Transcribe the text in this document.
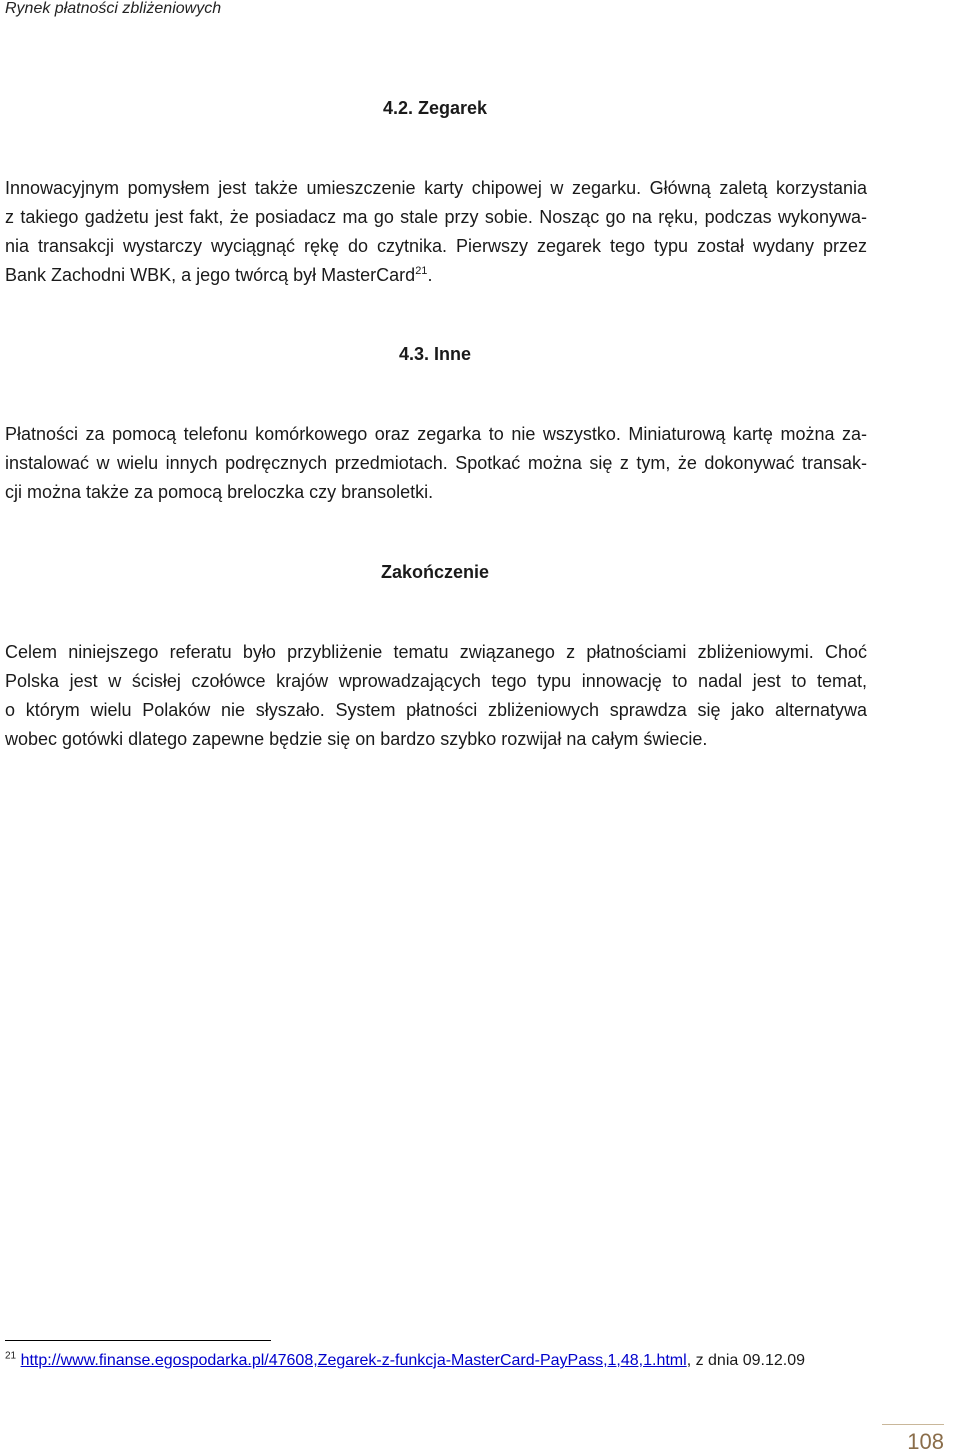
Rynek płatności zbliżeniowych
4.2. Zegarek
Innowacyjnym pomysłem jest także umieszczenie karty chipowej w zegarku. Główną zaletą korzystania
z takiego gadżetu jest fakt, że posiadacz ma go stale przy sobie. Nosząc go na ręku, podczas wykonywa-
nia transakcji wystarczy wyciągnąć rękę do czytnika. Pierwszy zegarek tego typu został wydany przez
Bank Zachodni WBK, a jego twórcą był MasterCard$^{21}$.
4.3. Inne
Płatności za pomocą telefonu komórkowego oraz zegarka to nie wszystko. Miniaturową kartę można za-
instalować w wielu innych podręcznych przedmiotach. Spotkać można się z tym, że dokonywać transak-
cji można także za pomocą breloczka czy bransoletki.
Zakończenie
Celem niniejszego referatu było przybliżenie tematu związanego z płatnościami zbliżeniowymi. Choć
Polska jest w ścisłej czołówce krajów wprowadzających tego typu innowację to nadal jest to temat,
o którym wielu Polaków nie słyszało. System płatności zbliżeniowych sprawdza się jako alternatywa
wobec gotówki dlatego zapewne będzie się on bardzo szybko rozwijał na całym świecie.
$^{21}$ http://www.finanse.egospodarka.pl/47608,Zegarek-z-funkcja-MasterCard-PayPass,1,48,1.html, z dnia 09.12.09
108
